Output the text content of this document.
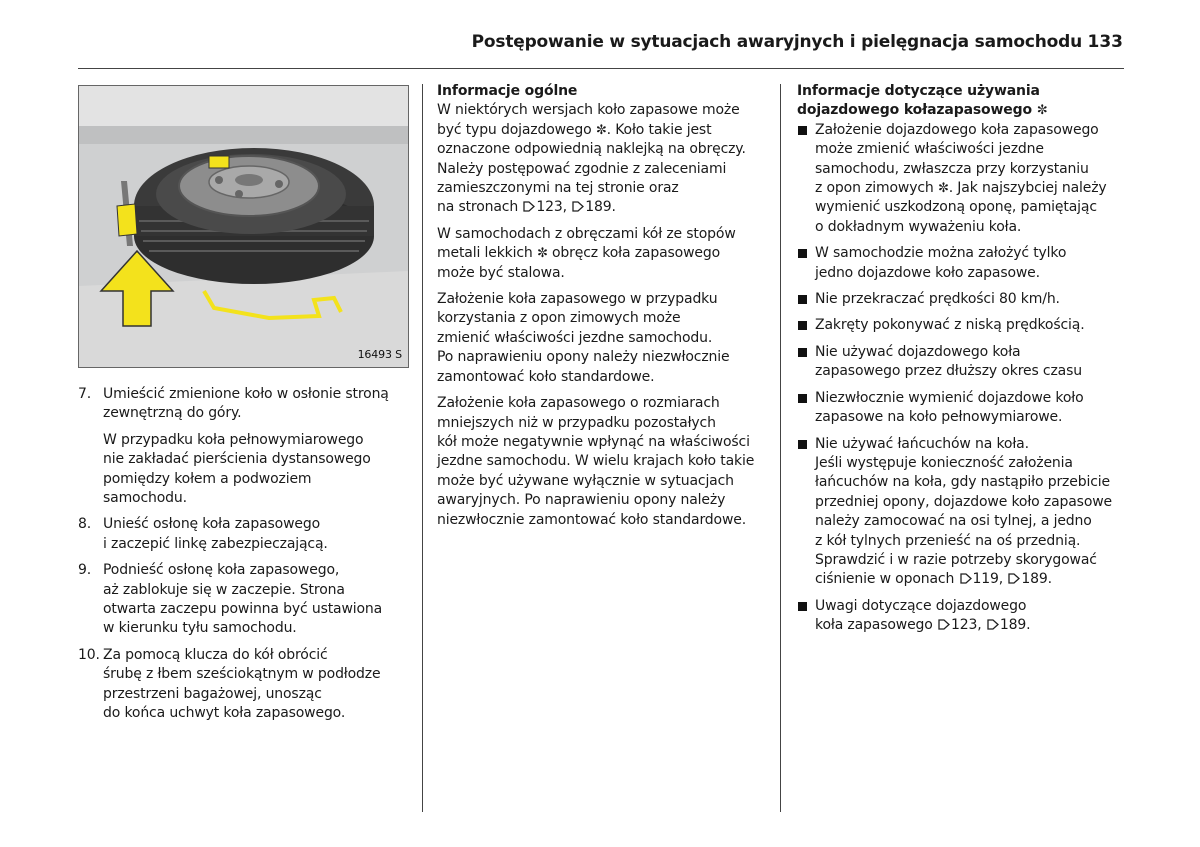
Postępowanie w sytuacjach awaryjnych i pielęgnacja samochodu 133
16493 S
7. Umieścić zmienione koło w osłonie stroną
zewnętrzną do góry.
W przypadku koła pełnowymiarowego
nie zakładać pierścienia dystansowego
pomiędzy kołem a podwoziem
samochodu.
8. Unieść osłonę koła zapasowego
i zaczepić linkę zabezpieczającą.
9. Podnieść osłonę koła zapasowego,
aż zablokuje się w zaczepie. Strona
otwarta zaczepu powinna być ustawiona
w kierunku tyłu samochodu.
10. Za pomocą klucza do kół obrócić
śrubę z łbem sześciokątnym w podłodze
przestrzeni bagażowej, unosząc
do końca uchwyt koła zapasowego.

Informacje ogólne

W niektórych wersjach koło zapasowe może
być typu dojazdowego ✼. Koło takie jest
oznaczone odpowiednią naklejką na obręczy.
Należy postępować zgodnie z zaleceniami
zamieszczonymi na tej stronie oraz
na stronach 123, 189.
W samochodach z obręczami kół ze stopów
metali lekkich ✼ obręcz koła zapasowego
może być stalowa.
Założenie koła zapasowego w przypadku
korzystania z opon zimowych może
zmienić właściwości jezdne samochodu.
Po naprawieniu opony należy niezwłocznie
zamontować koło standardowe.
Założenie koła zapasowego o rozmiarach
mniejszych niż w przypadku pozostałych
kół może negatywnie wpłynąć na właściwości
jezdne samochodu. W wielu krajach koło takie
może być używane wyłącznie w sytuacjach
awaryjnych. Po naprawieniu opony należy
niezwłocznie zamontować koło standardowe.
Informacje dotyczące używania
dojazdowego kołazapasowego ✼
Założenie dojazdowego koła zapasowego
może zmienić właściwości jezdne
samochodu, zwłaszcza przy korzystaniu
z opon zimowych ✼. Jak najszybciej należy
wymienić uszkodzoną oponę, pamiętając
o dokładnym wyważeniu koła.
W samochodzie można założyć tylko
jedno dojazdowe koło zapasowe.
Nie przekraczać prędkości 80 km/h.
Zakręty pokonywać z niską prędkością.
Nie używać dojazdowego koła
zapasowego przez dłuższy okres czasu
Niezwłocznie wymienić dojazdowe koło
zapasowe na koło pełnowymiarowe.
Nie używać łańcuchów na koła.
Jeśli występuje konieczność założenia
łańcuchów na koła, gdy nastąpiło przebicie
przedniej opony, dojazdowe koło zapasowe
należy zamocować na osi tylnej, a jedno
z kół tylnych przenieść na oś przednią.
Sprawdzić i w razie potrzeby skorygować
ciśnienie w oponach 119, 189.
Uwagi dotyczące dojazdowego
koła zapasowego 123, 189.
